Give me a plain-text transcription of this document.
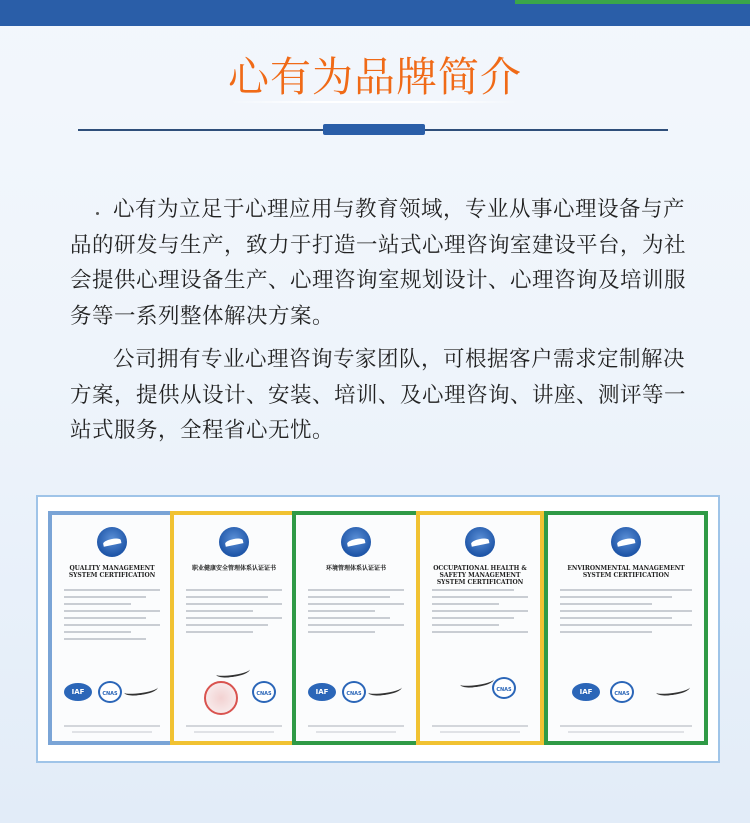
心有为品牌简介

心有为立足于心理应用与教育领域，专业从事心理设备与产品的研发与生产，致力于打造一站式心理咨询室建设平台，为社会提供心理设备生产、心理咨询室规划设计、心理咨询及培训服务等一系列整体解决方案。

公司拥有专业心理咨询专家团队，可根据客户需求定制解决方案，提供从设计、安装、培训、及心理咨询、讲座、测评等一站式服务，全程省心无忧。

QUALITY MANAGEMENT SYSTEM CERTIFICATION
IAF	CNAS
职业健康安全管理体系认证证书
CNAS
环境管理体系认证证书
IAF	CNAS
OCCUPATIONAL HEALTH & SAFETY MANAGEMENT SYSTEM CERTIFICATION
CNAS
ENVIRONMENTAL MANAGEMENT SYSTEM CERTIFICATION
IAF	CNAS
